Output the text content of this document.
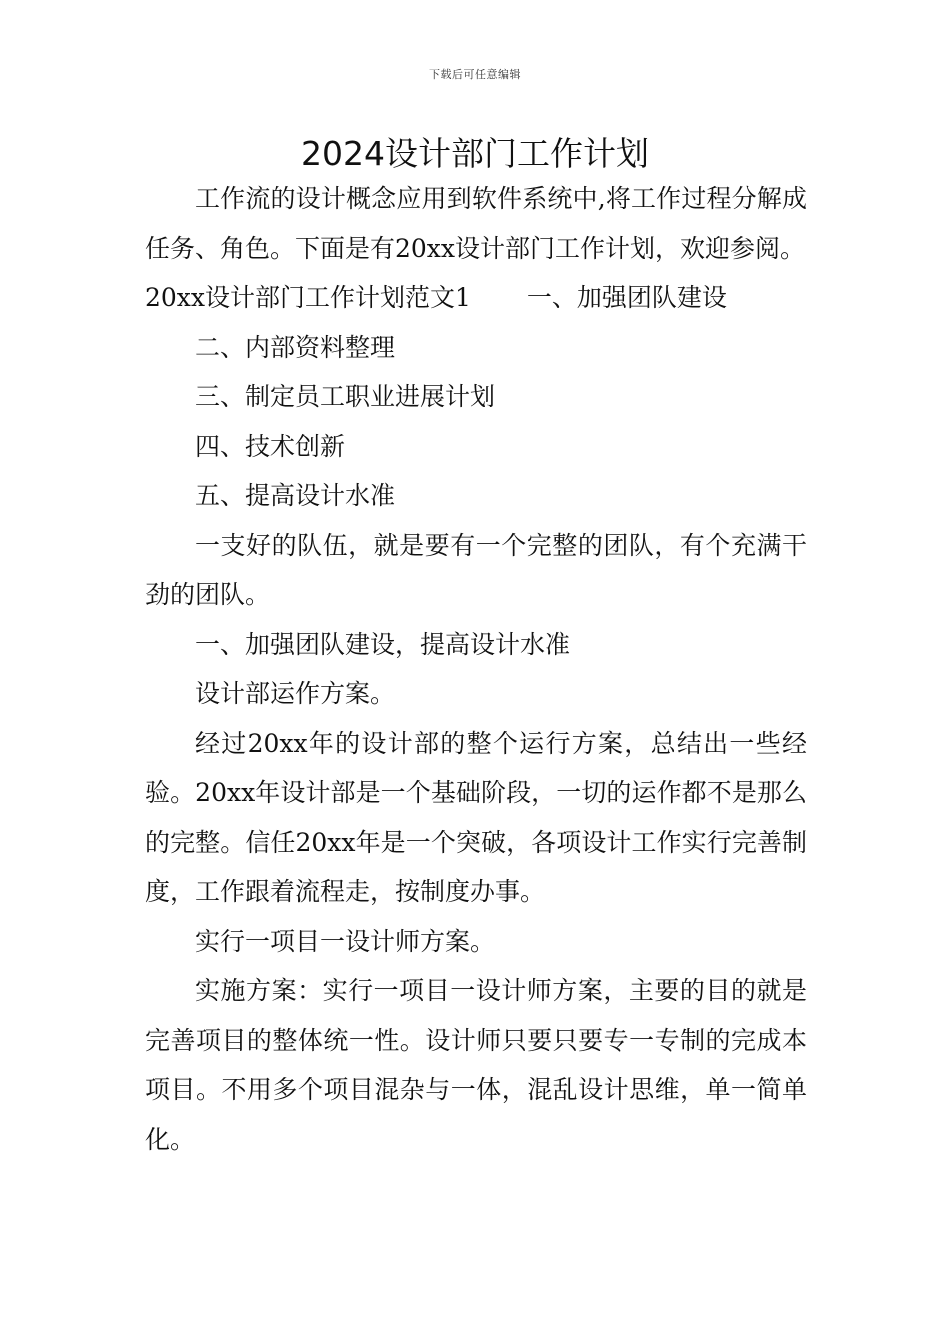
下载后可任意编辑
2024设计部门工作计划

工作流的设计概念应用到软件系统中,将工作过程分解成任务、角色。下面是有20xx设计部门工作计划，欢迎参阅。

20xx设计部门工作计划范文1 一、加强团队建设

二、内部资料整理

三、制定员工职业进展计划

四、技术创新

五、提高设计水准

一支好的队伍，就是要有一个完整的团队，有个充满干劲的团队。

一、加强团队建设，提高设计水准

设计部运作方案。

经过20xx年的设计部的整个运行方案，总结出一些经验。20xx年设计部是一个基础阶段，一切的运作都不是那么的完整。信任20xx年是一个突破，各项设计工作实行完善制度，工作跟着流程走，按制度办事。

实行一项目一设计师方案。

实施方案：实行一项目一设计师方案，主要的目的就是完善项目的整体统一性。设计师只要只要专一专制的完成本项目。不用多个项目混杂与一体，混乱设计思维，单一简单化。
